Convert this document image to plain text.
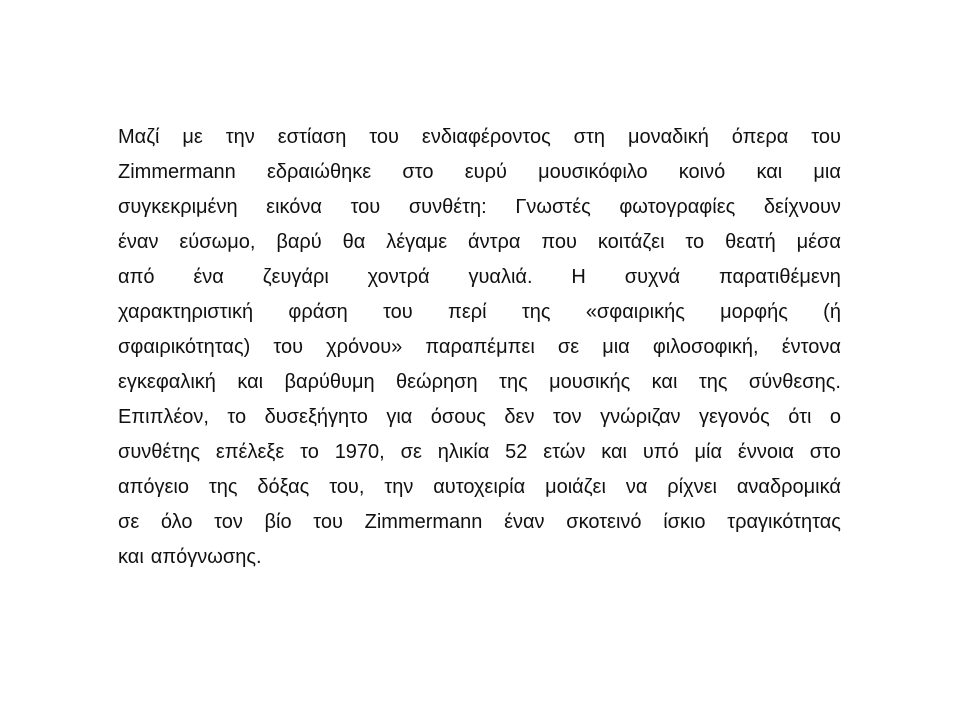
Μαζί με την εστίαση του ενδιαφέροντος στη μοναδική όπερα του
Zimmermann εδραιώθηκε στο ευρύ μουσικόφιλο κοινό και μια
συγκεκριμένη εικόνα του συνθέτη: Γνωστές φωτογραφίες δείχνουν
έναν εύσωμο, βαρύ θα λέγαμε άντρα που κοιτάζει το θεατή μέσα
από ένα ζευγάρι χοντρά γυαλιά. Η συχνά παρατιθέμενη
χαρακτηριστική φράση του περί της «σφαιρικής μορφής (ή
σφαιρικότητας) του χρόνου» παραπέμπει σε μια φιλοσοφική, έντονα
εγκεφαλική και βαρύθυμη θεώρηση της μουσικής και της σύνθεσης.
Επιπλέον, το δυσεξήγητο για όσους δεν τον γνώριζαν γεγονός ότι ο
συνθέτης επέλεξε το 1970, σε ηλικία 52 ετών και υπό μία έννοια στο
απόγειο της δόξας του, την αυτοχειρία μοιάζει να ρίχνει αναδρομικά
σε όλο τον βίο του Zimmermann έναν σκοτεινό ίσκιο τραγικότητας
και απόγνωσης.
